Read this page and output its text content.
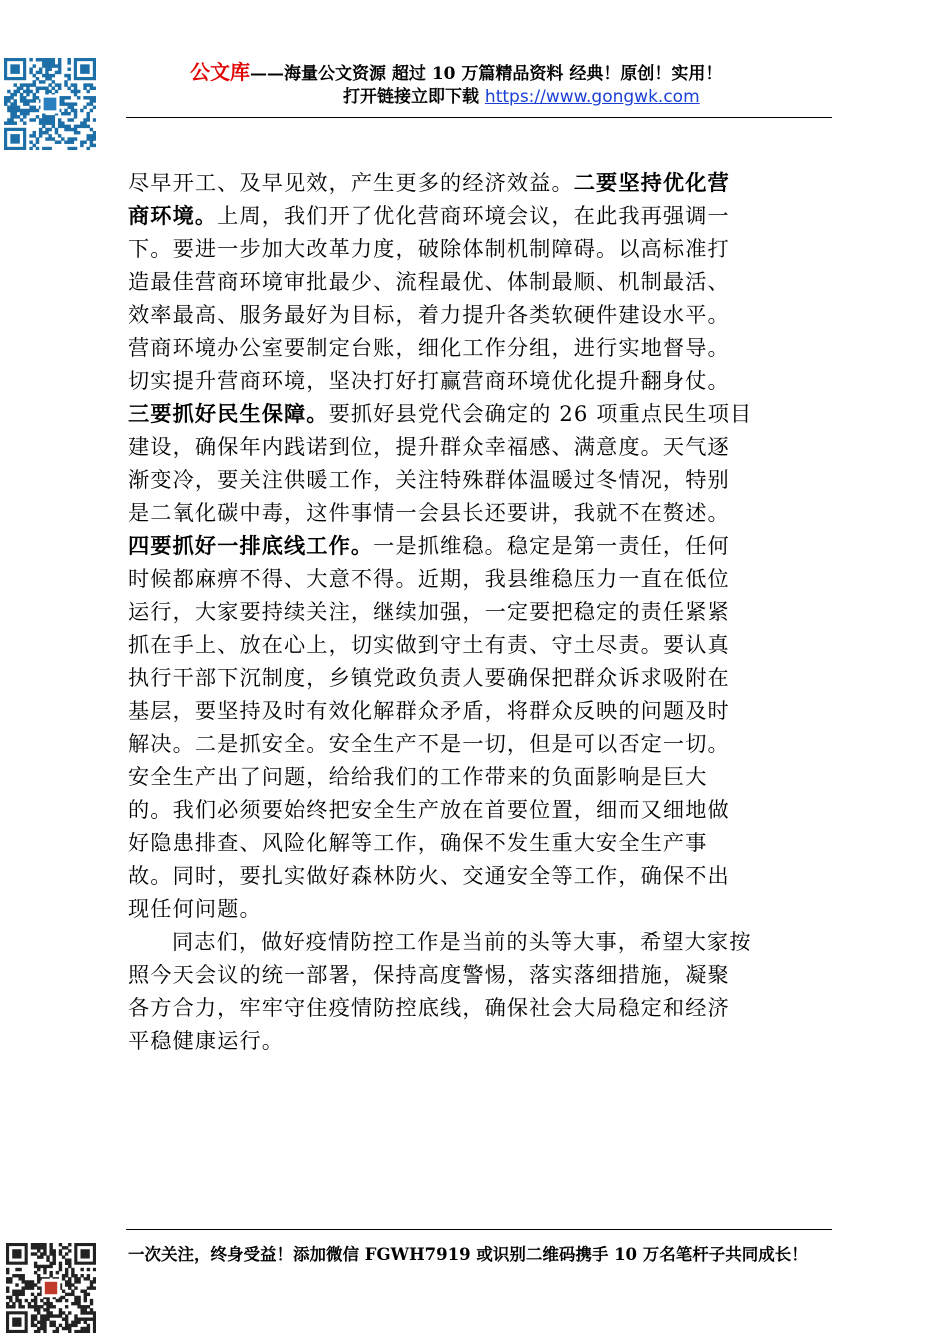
公文库——海量公文资源 超过 10 万篇精品资料 经典！原创！实用！
打开链接立即下载 https://www.gongwk.com
尽早开工、及早见效，产生更多的经济效益。二要坚持优化营
商环境。上周，我们开了优化营商环境会议，在此我再强调一
下。要进一步加大改革力度，破除体制机制障碍。以高标准打
造最佳营商环境审批最少、流程最优、体制最顺、机制最活、
效率最高、服务最好为目标，着力提升各类软硬件建设水平。
营商环境办公室要制定台账，细化工作分组，进行实地督导。
切实提升营商环境，坚决打好打赢营商环境优化提升翻身仗。
三要抓好民生保障。要抓好县党代会确定的 26 项重点民生项目
建设，确保年内践诺到位，提升群众幸福感、满意度。天气逐
渐变冷，要关注供暖工作，关注特殊群体温暖过冬情况，特别
是二氧化碳中毒，这件事情一会县长还要讲，我就不在赘述。
四要抓好一排底线工作。一是抓维稳。稳定是第一责任，任何
时候都麻痹不得、大意不得。近期，我县维稳压力一直在低位
运行，大家要持续关注，继续加强，一定要把稳定的责任紧紧
抓在手上、放在心上，切实做到守土有责、守土尽责。要认真
执行干部下沉制度，乡镇党政负责人要确保把群众诉求吸附在
基层，要坚持及时有效化解群众矛盾，将群众反映的问题及时
解决。二是抓安全。安全生产不是一切，但是可以否定一切。
安全生产出了问题，给给我们的工作带来的负面影响是巨大
的。我们必须要始终把安全生产放在首要位置，细而又细地做
好隐患排查、风险化解等工作，确保不发生重大安全生产事
故。同时，要扎实做好森林防火、交通安全等工作，确保不出
现任何问题。
同志们，做好疫情防控工作是当前的头等大事，希望大家按
照今天会议的统一部署，保持高度警惕，落实落细措施，凝聚
各方合力，牢牢守住疫情防控底线，确保社会大局稳定和经济
平稳健康运行。
一次关注，终身受益！添加微信 FGWH7919 或识别二维码携手 10 万名笔杆子共同成长！
